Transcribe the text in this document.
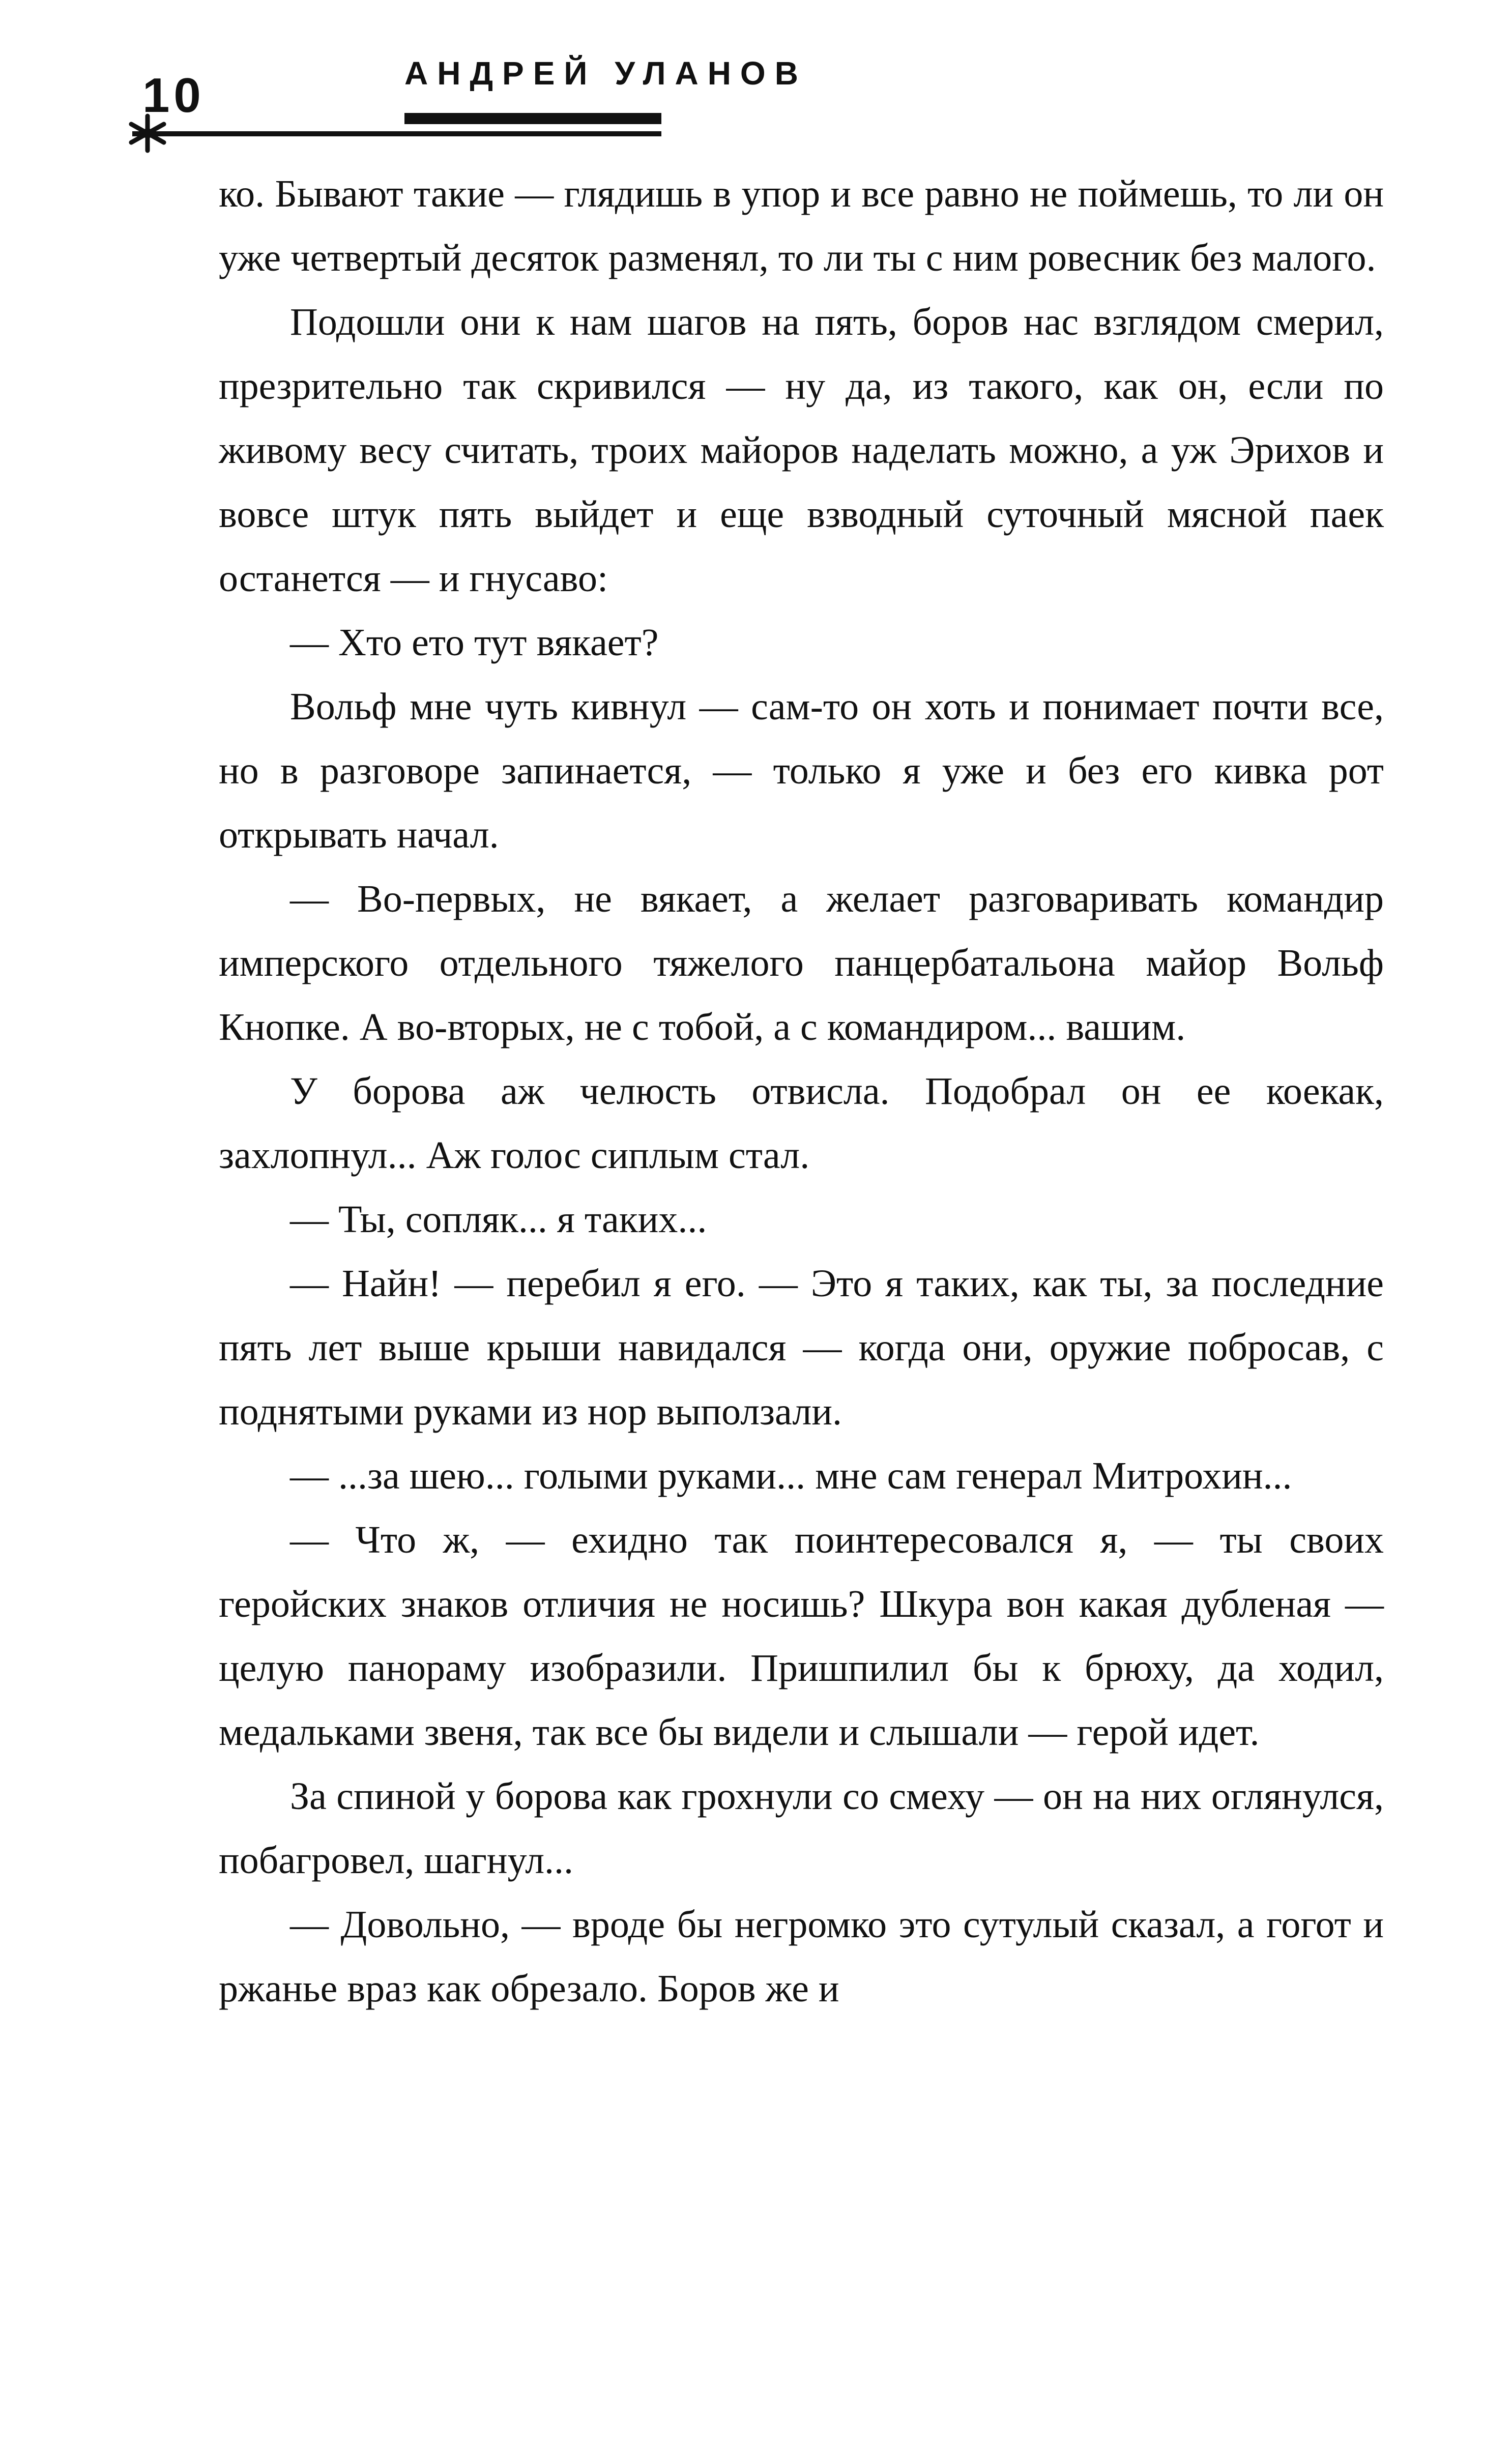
10	АНДРЕЙ УЛАНОВ

ко. Бывают такие — глядишь в упор и все равно не поймешь, то ли он уже четвертый десяток разменял, то ли ты с ним ровесник без малого.

Подошли они к нам шагов на пять, боров нас взглядом смерил, презрительно так скривился — ну да, из такого, как он, если по живому весу считать, троих майоров наделать можно, а уж Эрихов и вовсе штук пять выйдет и еще взводный суточный мясной паек останется — и гнусаво:

— Хто ето тут вякает?

Вольф мне чуть кивнул — сам-то он хоть и понимает почти все, но в разговоре запинается, — только я уже и без его кивка рот открывать начал.

— Во-первых, не вякает, а желает разговаривать командир имперского отдельного тяжелого панцербатальона майор Вольф Кнопке. А во-вторых, не с тобой, а с командиром... вашим.

У борова аж челюсть отвисла. Подобрал он ее коекак, захлопнул... Аж голос сиплым стал.

— Ты, сопляк... я таких...

— Найн! — перебил я его. — Это я таких, как ты, за последние пять лет выше крыши навидался — когда они, оружие побросав, с поднятыми руками из нор выползали.

— ...за шею... голыми руками... мне сам генерал Митрохин...

— Что ж, — ехидно так поинтересовался я, — ты своих геройских знаков отличия не носишь? Шкура вон какая дубленая — целую панораму изобразили. Пришпилил бы к брюху, да ходил, медальками звеня, так все бы видели и слышали — герой идет.

За спиной у борова как грохнули со смеху — он на них оглянулся, побагровел, шагнул...

— Довольно, — вроде бы негромко это сутулый сказал, а гогот и ржанье враз как обрезало. Боров же и
